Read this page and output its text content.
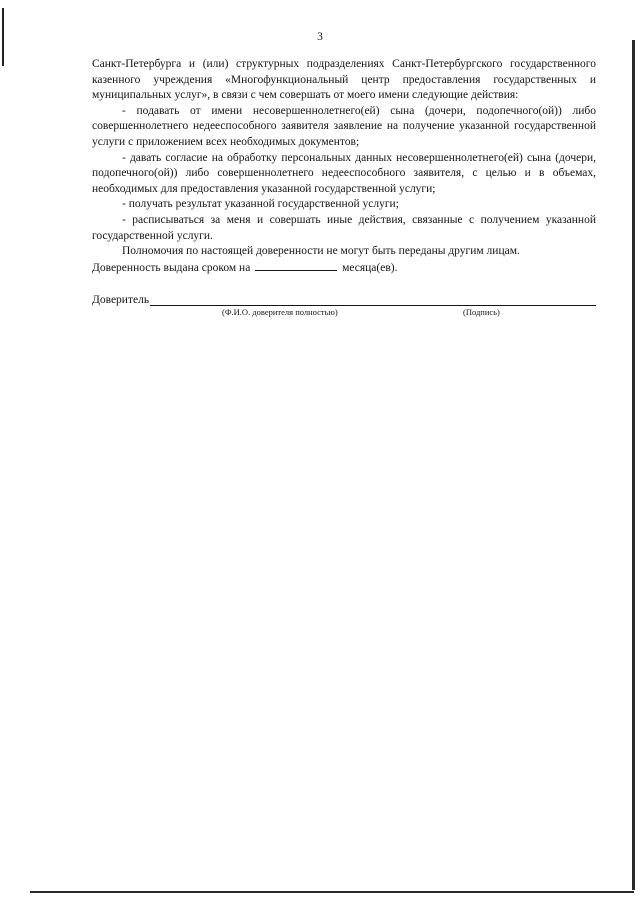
3

Санкт-Петербурга и (или) структурных подразделениях Санкт-Петербургского государственного казенного учреждения «Многофункциональный центр предоставления государственных и муниципальных услуг», в связи с чем совершать от моего имени следующие действия:

- подавать от имени несовершеннолетнего(ей) сына (дочери, подопечного(ой)) либо совершеннолетнего недееспособного заявителя заявление на получение указанной государственной услуги с приложением всех необходимых документов;

- давать согласие на обработку персональных данных несовершеннолетнего(ей) сына (дочери, подопечного(ой)) либо совершеннолетнего недееспособного заявителя, с целью и в объемах, необходимых для предоставления указанной государственной услуги;

- получать результат указанной государственной услуги;

- расписываться за меня и совершать иные действия, связанные с получением указанной государственной услуги.

Полномочия по настоящей доверенности не могут быть переданы другим лицам.

Доверенность выдана сроком на	месяца(ев).

Доверитель
(Ф.И.О. доверителя полностью)	(Подпись)
